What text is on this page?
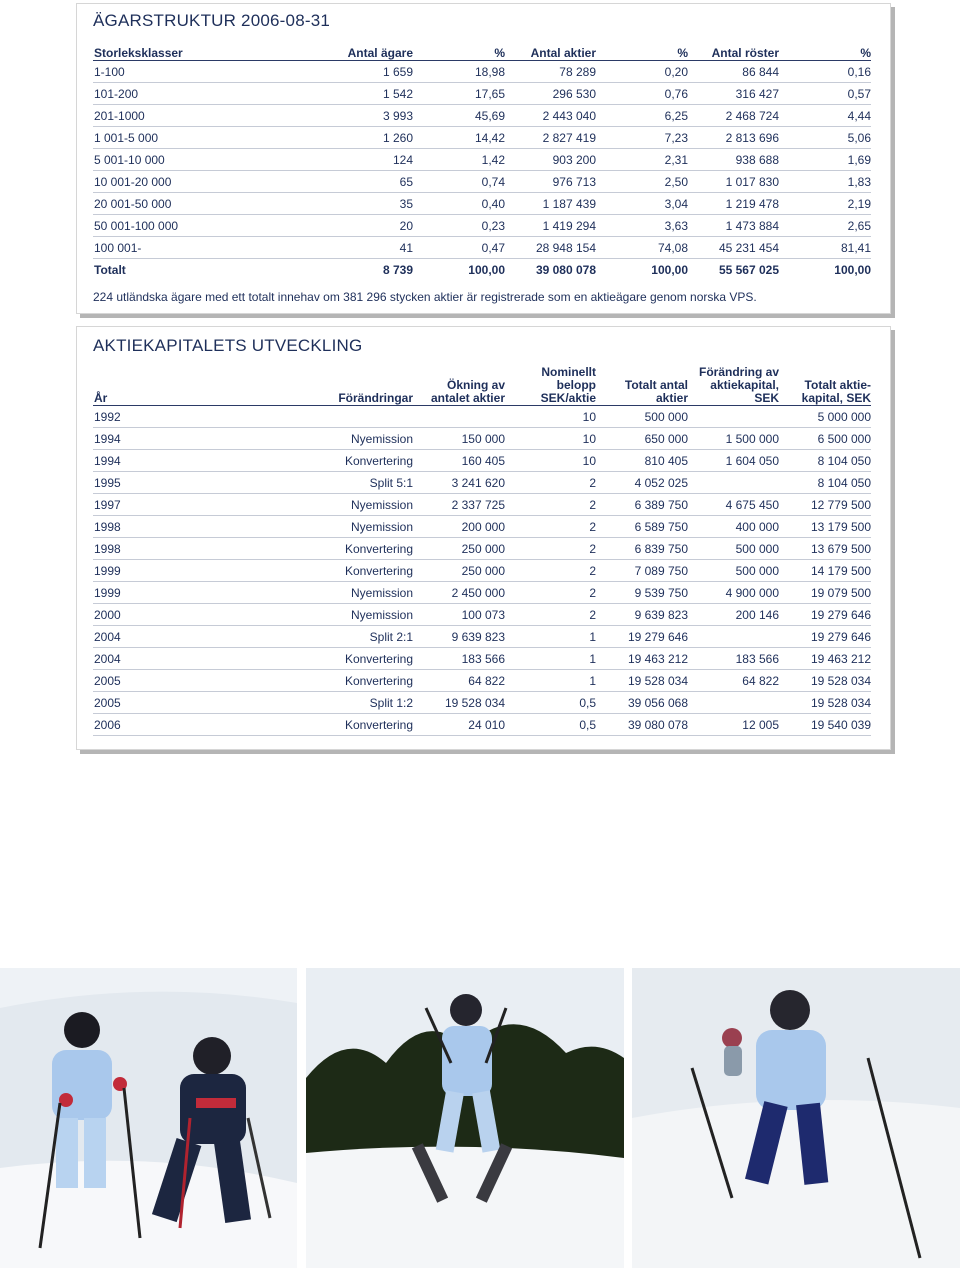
ÄGARSTRUKTUR 2006-08-31
Storleksklasser	Antal ägare	%	Antal aktier	%	Antal röster	%
1-100	1 659	18,98	78 289	0,20	86 844	0,16
101-200	1 542	17,65	296 530	0,76	316 427	0,57
201-1000	3 993	45,69	2 443 040	6,25	2 468 724	4,44
1 001-5 000	1 260	14,42	2 827 419	7,23	2 813 696	5,06
5 001-10 000	124	1,42	903 200	2,31	938 688	1,69
10 001-20 000	65	0,74	976 713	2,50	1 017 830	1,83
20 001-50 000	35	0,40	1 187 439	3,04	1 219 478	2,19
50 001-100 000	20	0,23	1 419 294	3,63	1 473 884	2,65
100 001-	41	0,47	28 948 154	74,08	45 231 454	81,41
Totalt	8 739	100,00	39 080 078	100,00	55 567 025	100,00

224 utländska ägare med ett totalt innehav om 381 296 stycken aktier är registrerade som en aktieägare genom norska VPS.

AKTIEKAPITALETS UTVECKLING
År	Förändringar	Ökning av antalet aktier	Nominellt belopp SEK/aktie	Totalt antal aktier	Förändring av aktiekapital, SEK	Totalt aktie-kapital, SEK
1992			10	500 000		5 000 000
1994	Nyemission	150 000	10	650 000	1 500 000	6 500 000
1994	Konvertering	160 405	10	810 405	1 604 050	8 104 050
1995	Split 5:1	3 241 620	2	4 052 025		8 104 050
1997	Nyemission	2 337 725	2	6 389 750	4 675 450	12 779 500
1998	Nyemission	200 000	2	6 589 750	400 000	13 179 500
1998	Konvertering	250 000	2	6 839 750	500 000	13 679 500
1999	Konvertering	250 000	2	7 089 750	500 000	14 179 500
1999	Nyemission	2 450 000	2	9 539 750	4 900 000	19 079 500
2000	Nyemission	100 073	2	9 639 823	200 146	19 279 646
2004	Split 2:1	9 639 823	1	19 279 646		19 279 646
2004	Konvertering	183 566	1	19 463 212	183 566	19 463 212
2005	Konvertering	64 822	1	19 528 034	64 822	19 528 034
2005	Split 1:2	19 528 034	0,5	39 056 068		19 528 034
2006	Konvertering	24 010	0,5	39 080 078	12 005	19 540 039
